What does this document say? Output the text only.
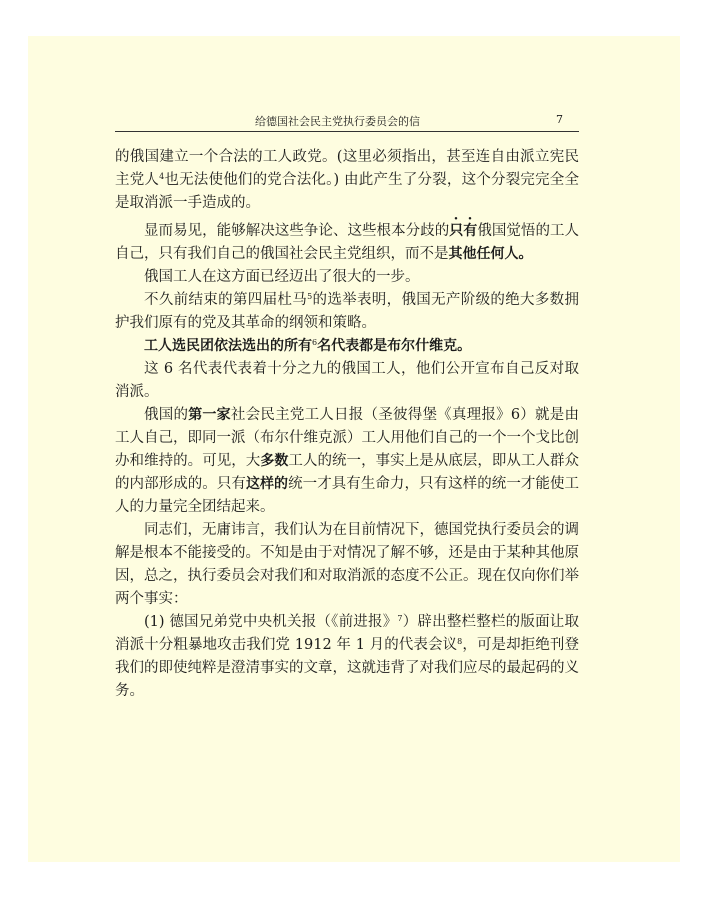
给德国社会民主党执行委员会的信	7

的俄国建立一个合法的工人政党。(这里必须指出，甚至连自由派立宪民主党人$^4$也无法使他们的党合法化。) 由此产生了分裂，这个分裂完完全全是取消派一手造成的。

显而易见，能够解决这些争论、这些根本分歧的只有俄国觉悟的工人自己，只有我们自己的俄国社会民主党组织，而不是其他任何人。

俄国工人在这方面已经迈出了很大的一步。

不久前结束的第四届杜马$^5$的选举表明，俄国无产阶级的绝大多数拥护我们原有的党及其革命的纲领和策略。

工人选民团依法选出的所有$^6$名代表都是布尔什维克。

这 6 名代表代表着十分之九的俄国工人，他们公开宣布自己反对取消派。

俄国的第一家社会民主党工人日报（圣彼得堡《真理报》6）就是由工人自己，即同一派（布尔什维克派）工人用他们自己的一个一个戈比创办和维持的。可见，大多数工人的统一，事实上是从底层，即从工人群众的内部形成的。只有这样的统一才具有生命力，只有这样的统一才能使工人的力量完全团结起来。

同志们，无庸讳言，我们认为在目前情况下，德国党执行委员会的调解是根本不能接受的。不知是由于对情况了解不够，还是由于某种其他原因，总之，执行委员会对我们和对取消派的态度不公正。现在仅向你们举两个事实：

(1) 德国兄弟党中央机关报（《前进报》$^7$）辟出整栏整栏的版面让取消派十分粗暴地攻击我们党 1912 年 1 月的代表会议$^8$，可是却拒绝刊登我们的即使纯粹是澄清事实的文章，这就违背了对我们应尽的最起码的义务。
